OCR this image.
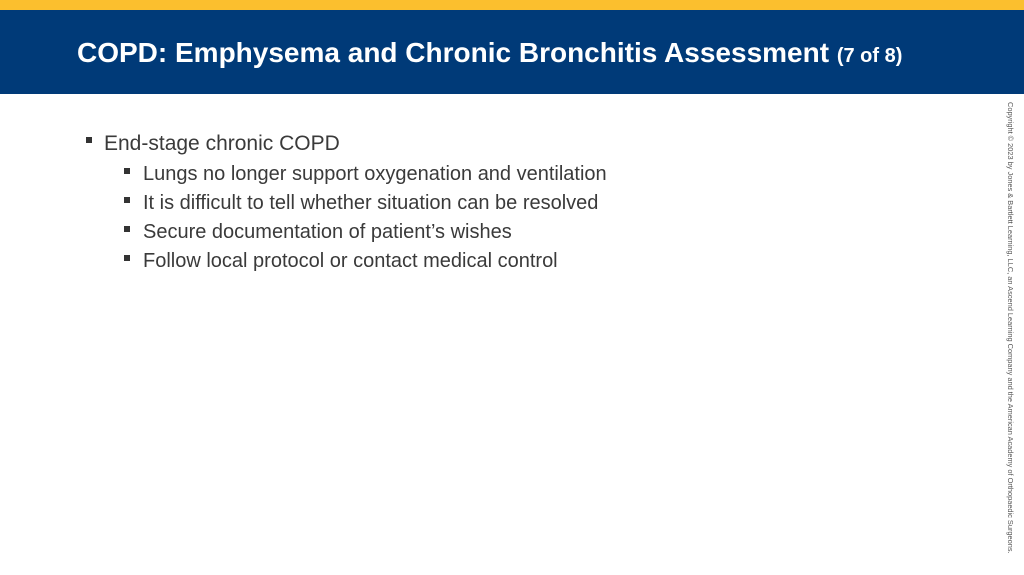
COPD: Emphysema and Chronic Bronchitis Assessment (7 of 8)
End-stage chronic COPD
Lungs no longer support oxygenation and ventilation
It is difficult to tell whether situation can be resolved
Secure documentation of patient’s wishes
Follow local protocol or contact medical control	Copyright © 2023 by Jones & Bartlett Learning, LLC, an Ascend Learning Company and the American Academy of Orthopaedic Surgeons.
